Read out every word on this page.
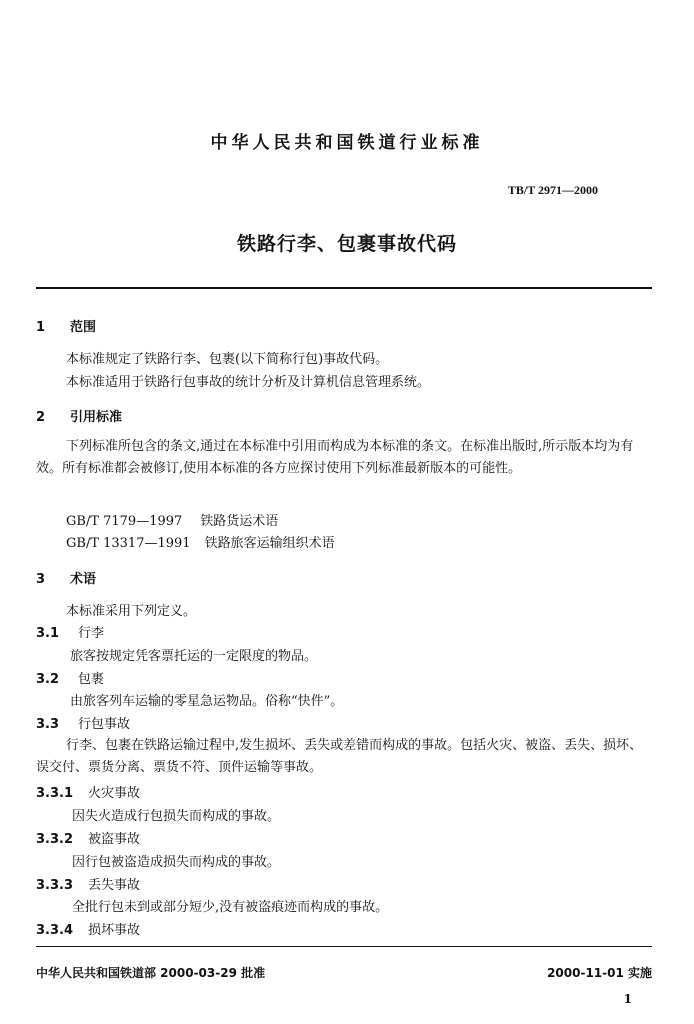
中华人民共和国铁道行业标准
TB/T 2971—2000
铁路行李、包裹事故代码
1 范围
本标准规定了铁路行李、包裹(以下简称行包)事故代码。
本标准适用于铁路行包事故的统计分析及计算机信息管理系统。
2 引用标准
下列标准所包含的条文,通过在本标准中引用而构成为本标准的条文。在标准出版时,所示版本均为有效。所有标准都会被修订,使用本标准的各方应探讨使用下列标准最新版本的可能性。
GB/T 7179—1997 铁路货运术语
GB/T 13317—1991 铁路旅客运输组织术语
3 术语
本标准采用下列定义。
3.1 行李
旅客按规定凭客票托运的一定限度的物品。
3.2 包裹
由旅客列车运输的零星急运物品。俗称“快件”。
3.3 行包事故
行李、包裹在铁路运输过程中,发生损坏、丢失或差错而构成的事故。包括火灾、被盗、丢失、损坏、误交付、票货分离、票货不符、顶件运输等事故。
3.3.1 火灾事故
因失火造成行包损失而构成的事故。
3.3.2 被盗事故
因行包被盗造成损失而构成的事故。
3.3.3 丢失事故
全批行包未到或部分短少,没有被盗痕迹而构成的事故。
3.3.4 损坏事故
中华人民共和国铁道部 2000-03-29 批准	2000-11-01 实施
1
